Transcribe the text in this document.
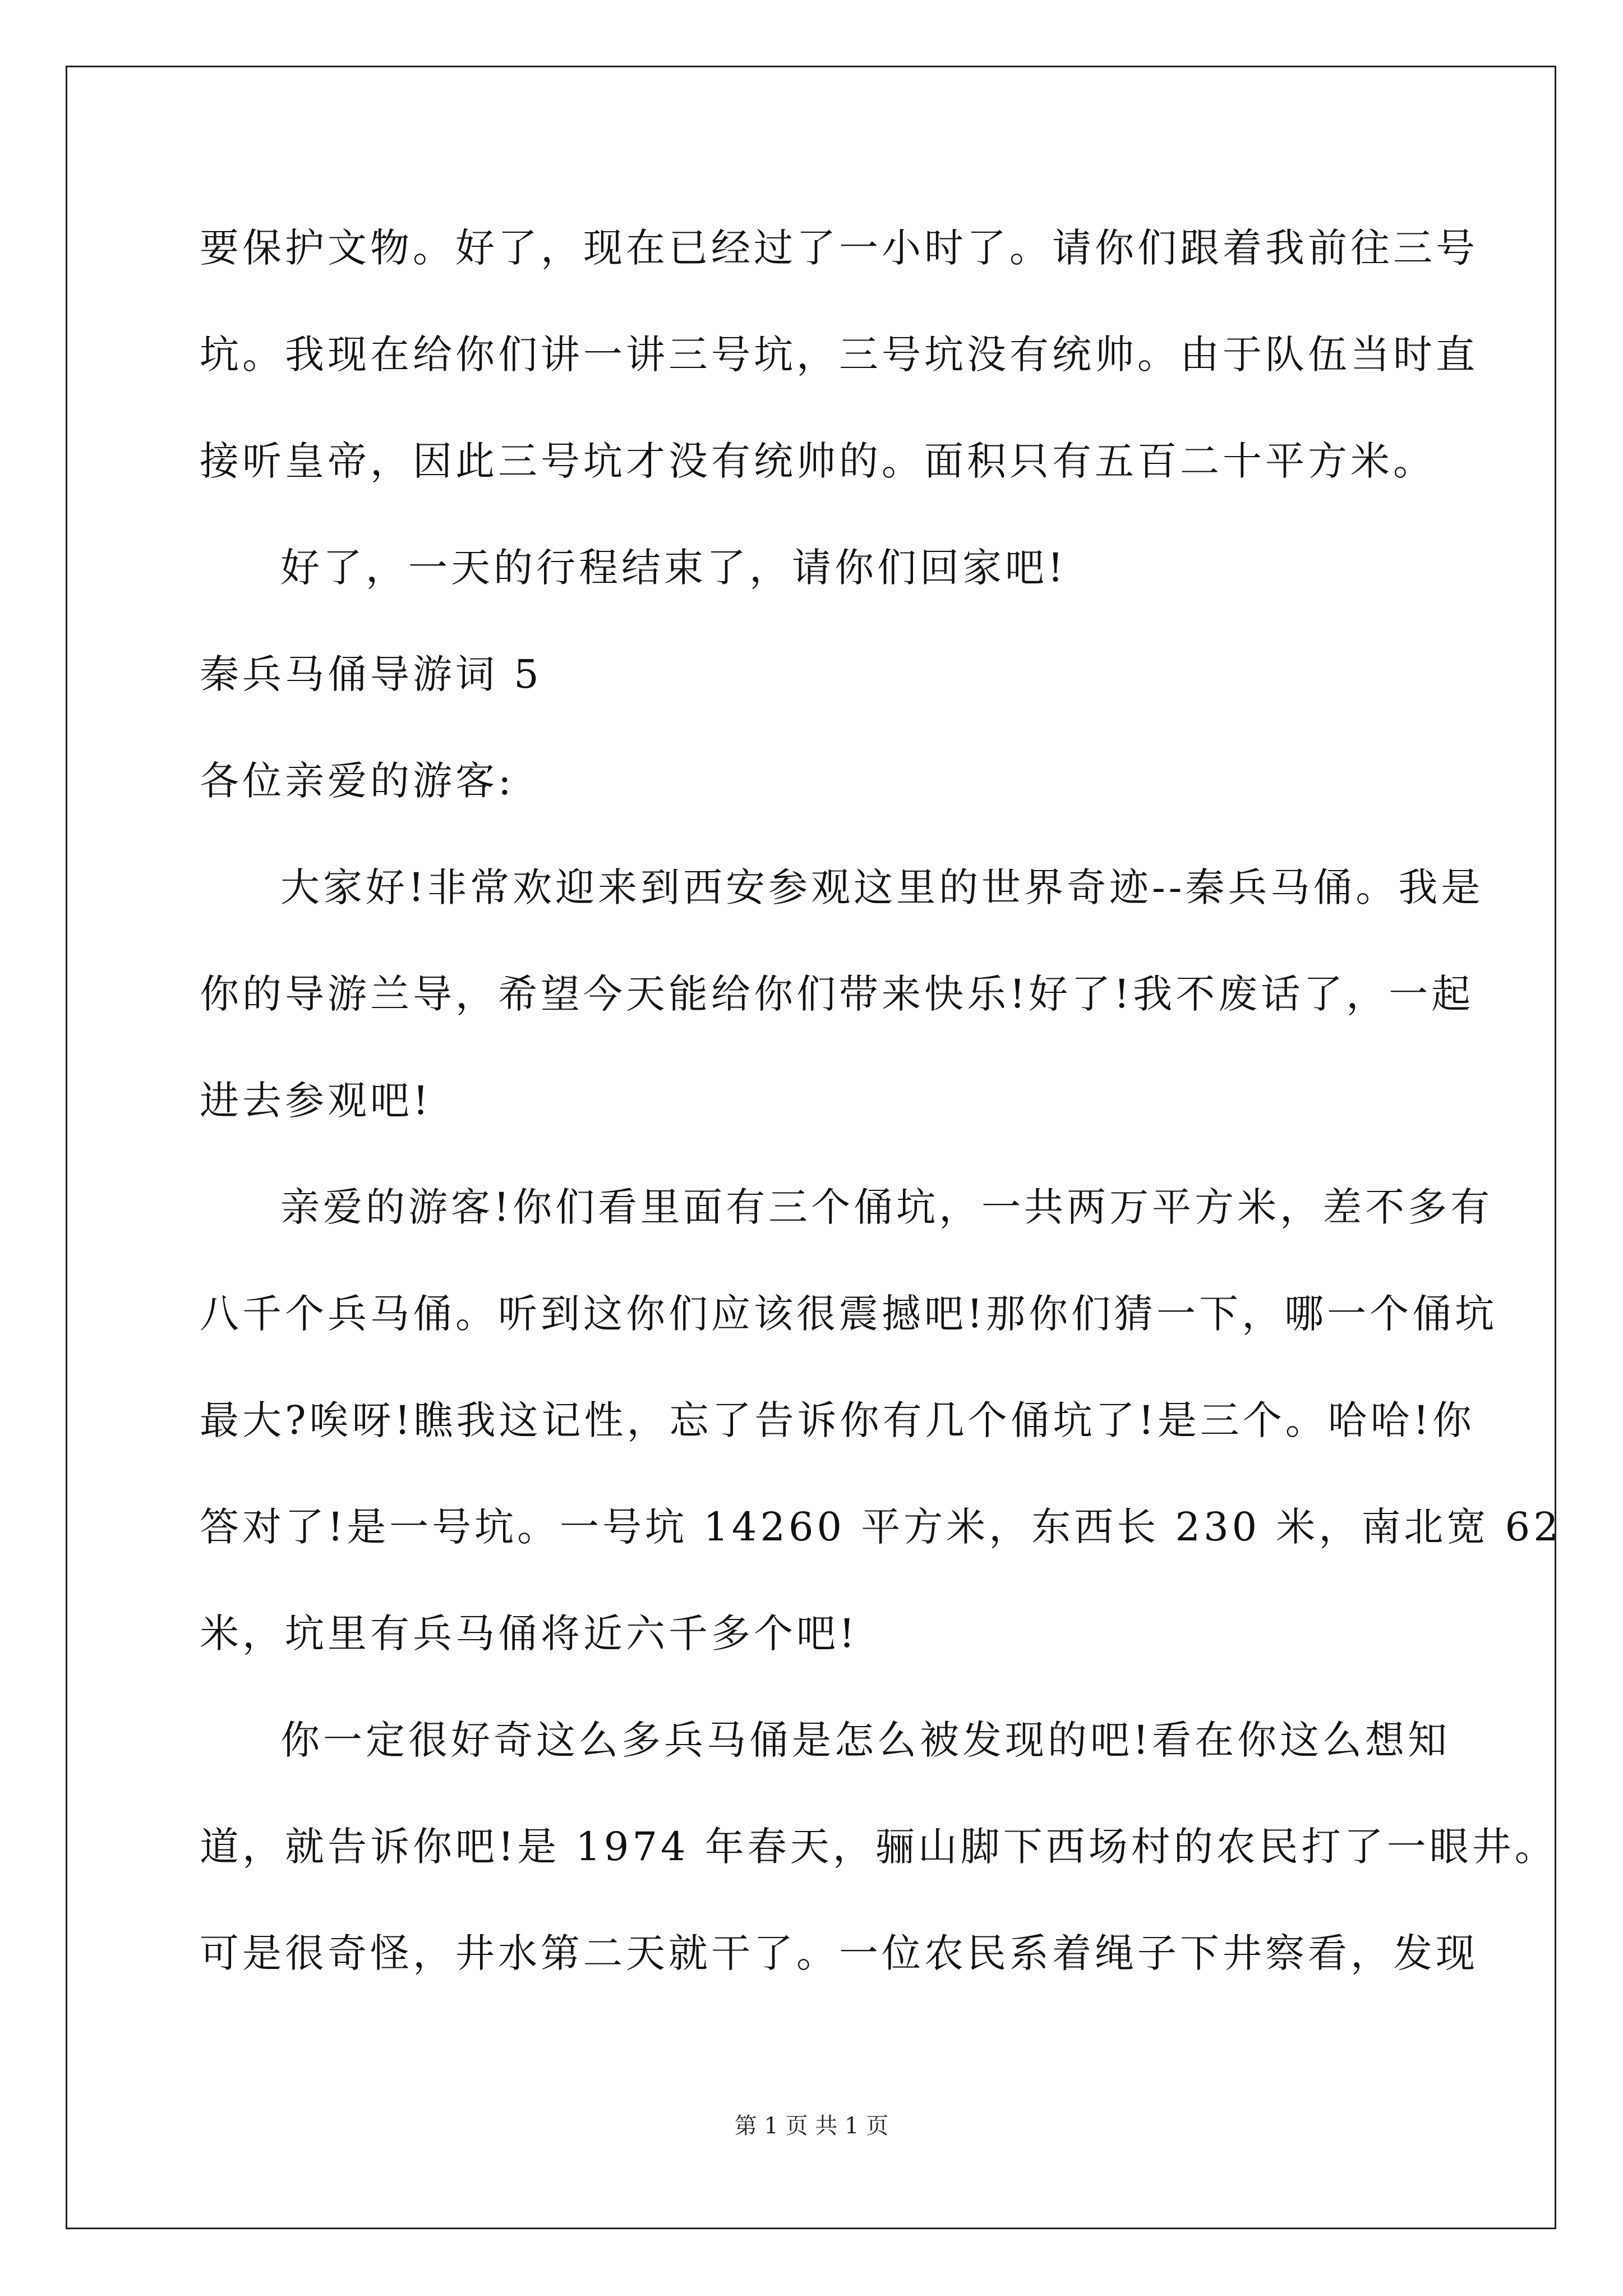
要保护文物。好了，现在已经过了一小时了。请你们跟着我前往三号
坑。我现在给你们讲一讲三号坑，三号坑没有统帅。由于队伍当时直
接听皇帝，因此三号坑才没有统帅的。面积只有五百二十平方米。
好了，一天的行程结束了，请你们回家吧!
秦兵马俑导游词 5
各位亲爱的游客:
大家好!非常欢迎来到西安参观这里的世界奇迹--秦兵马俑。我是
你的导游兰导，希望今天能给你们带来快乐!好了!我不废话了，一起
进去参观吧!
亲爱的游客!你们看里面有三个俑坑，一共两万平方米，差不多有
八千个兵马俑。听到这你们应该很震撼吧!那你们猜一下，哪一个俑坑
最大?唉呀!瞧我这记性，忘了告诉你有几个俑坑了!是三个。哈哈!你
答对了!是一号坑。一号坑 14260 平方米，东西长 230 米，南北宽 62
米，坑里有兵马俑将近六千多个吧!
你一定很好奇这么多兵马俑是怎么被发现的吧!看在你这么想知
道，就告诉你吧!是 1974 年春天，骊山脚下西场村的农民打了一眼井。
可是很奇怪，井水第二天就干了。一位农民系着绳子下井察看，发现
第 1 页 共 1 页
